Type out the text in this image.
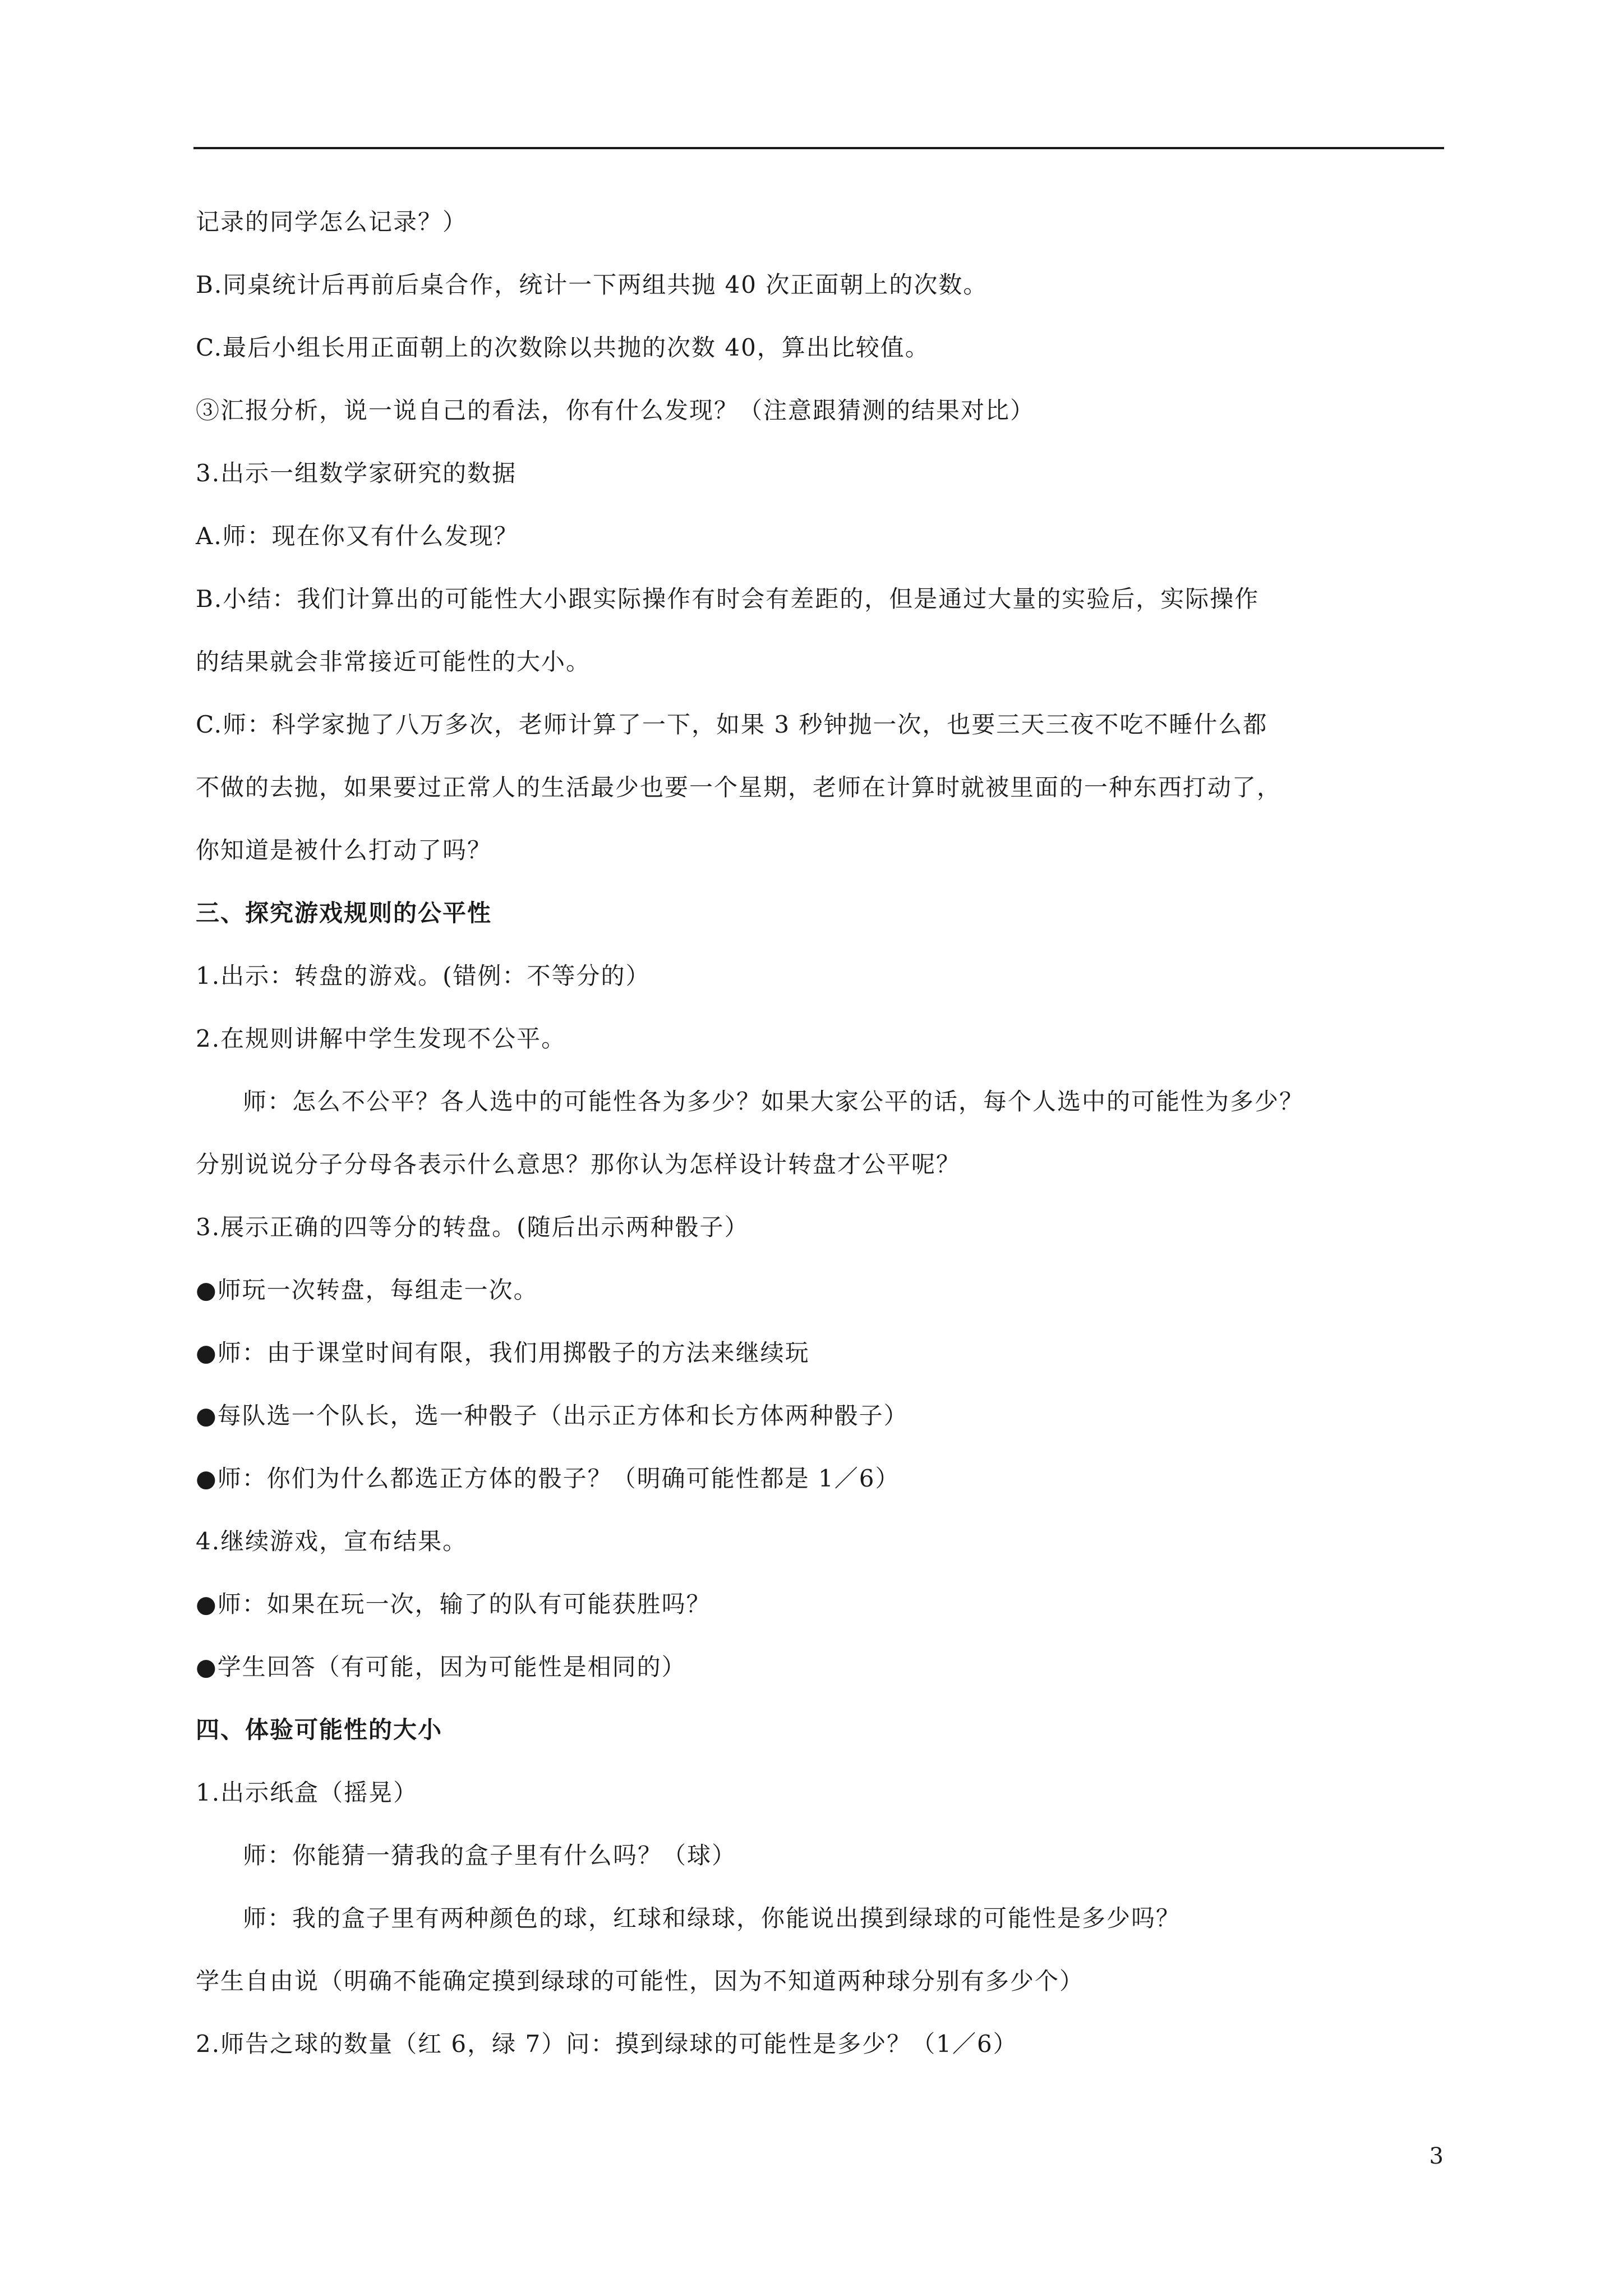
记录的同学怎么记录？）
B.同桌统计后再前后桌合作，统计一下两组共抛 40 次正面朝上的次数。
C.最后小组长用正面朝上的次数除以共抛的次数 40，算出比较值。
③汇报分析，说一说自己的看法，你有什么发现？（注意跟猜测的结果对比）
3.出示一组数学家研究的数据
A.师：现在你又有什么发现？
B.小结：我们计算出的可能性大小跟实际操作有时会有差距的，但是通过大量的实验后，实际操作
的结果就会非常接近可能性的大小。
C.师：科学家抛了八万多次，老师计算了一下，如果 3 秒钟抛一次，也要三天三夜不吃不睡什么都
不做的去抛，如果要过正常人的生活最少也要一个星期，老师在计算时就被里面的一种东西打动了，
你知道是被什么打动了吗？
三、探究游戏规则的公平性
1.出示：转盘的游戏。(错例：不等分的）
2.在规则讲解中学生发现不公平。
师：怎么不公平？各人选中的可能性各为多少？如果大家公平的话，每个人选中的可能性为多少？
分别说说分子分母各表示什么意思？那你认为怎样设计转盘才公平呢？
3.展示正确的四等分的转盘。(随后出示两种骰子）
●师玩一次转盘，每组走一次。
●师：由于课堂时间有限，我们用掷骰子的方法来继续玩
●每队选一个队长，选一种骰子（出示正方体和长方体两种骰子）
●师：你们为什么都选正方体的骰子？（明确可能性都是 1／6）
4.继续游戏，宣布结果。
●师：如果在玩一次，输了的队有可能获胜吗？
●学生回答（有可能，因为可能性是相同的）
四、体验可能性的大小
1.出示纸盒（摇晃）
师：你能猜一猜我的盒子里有什么吗？（球）
师：我的盒子里有两种颜色的球，红球和绿球，你能说出摸到绿球的可能性是多少吗？
学生自由说（明确不能确定摸到绿球的可能性，因为不知道两种球分别有多少个）
2.师告之球的数量（红 6，绿 7）问：摸到绿球的可能性是多少？（1／6）
3
